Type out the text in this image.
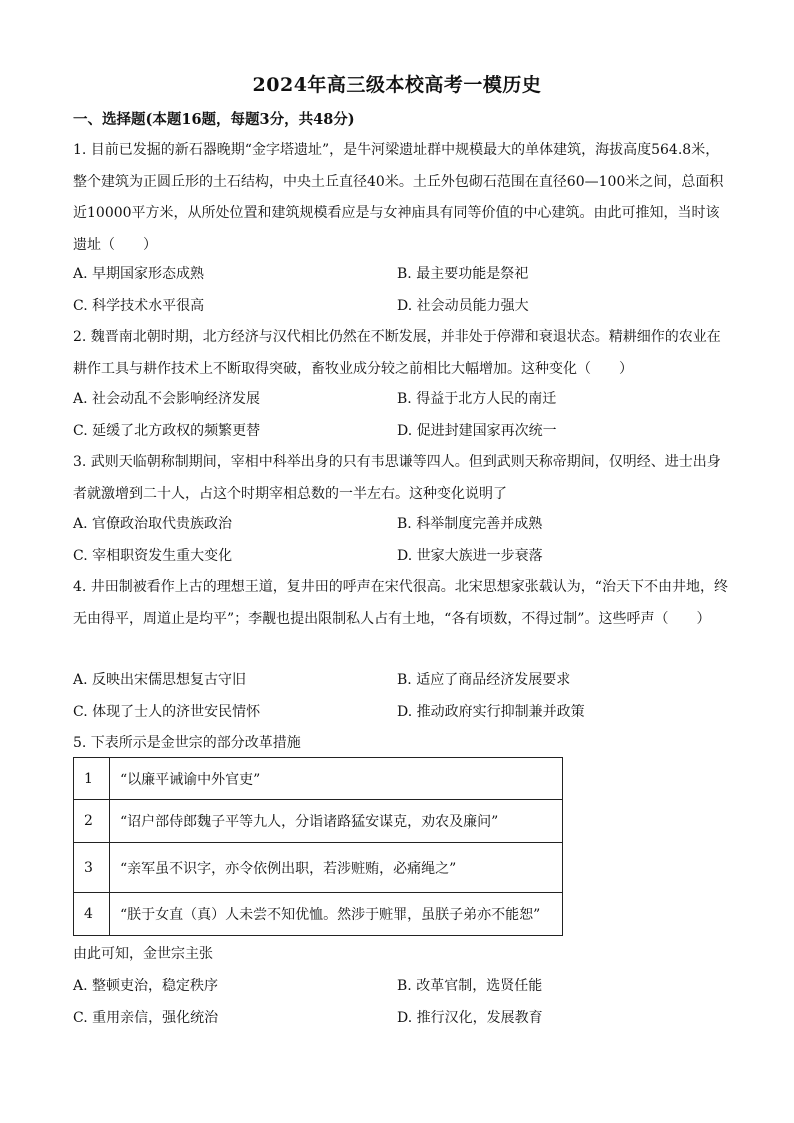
2024年高三级本校高考一模历史
一、选择题(本题16题，每题3分，共48分)
1. 目前已发掘的新石器晚期“金字塔遗址”，是牛河梁遗址群中规模最大的单体建筑，海拔高度564.8米，整个建筑为正圆丘形的土石结构，中央土丘直径40米。土丘外包砌石范围在直径60—100米之间，总面积近10000平方米，从所处位置和建筑规模看应是与女神庙具有同等价值的中心建筑。由此可推知，当时该遗址（　　）
A. 早期国家形态成熟	B. 最主要功能是祭祀
C. 科学技术水平很高	D. 社会动员能力强大
2. 魏晋南北朝时期，北方经济与汉代相比仍然在不断发展，并非处于停滞和衰退状态。精耕细作的农业在耕作工具与耕作技术上不断取得突破，畜牧业成分较之前相比大幅增加。这种变化（　　）
A. 社会动乱不会影响经济发展	B. 得益于北方人民的南迁
C. 延缓了北方政权的频繁更替	D. 促进封建国家再次统一
3. 武则天临朝称制期间，宰相中科举出身的只有韦思谦等四人。但到武则天称帝期间，仅明经、进士出身者就激增到二十人，占这个时期宰相总数的一半左右。这种变化说明了
A. 官僚政治取代贵族政治	B. 科举制度完善并成熟
C. 宰相职资发生重大变化	D. 世家大族进一步衰落
4. 井田制被看作上古的理想王道，复井田的呼声在宋代很高。北宋思想家张载认为，“治天下不由井地，终无由得平，周道止是均平”；李觏也提出限制私人占有土地，“各有顷数，不得过制”。这些呼声（　　）
A. 反映出宋儒思想复古守旧	B. 适应了商品经济发展要求
C. 体现了士人的济世安民情怀	D. 推动政府实行抑制兼并政策
5. 下表所示是金世宗的部分改革措施
1	“以廉平诫谕中外官吏”
2	“诏户部侍郎魏子平等九人，分诣诸路猛安谋克，劝农及廉问”
3	“亲军虽不识字，亦令依例出职，若涉赃贿，必痛绳之”
4	“朕于女直（真）人未尝不知优恤。然涉于赃罪，虽朕子弟亦不能恕”
由此可知，金世宗主张
A. 整顿吏治，稳定秩序	B. 改革官制，选贤任能
C. 重用亲信，强化统治	D. 推行汉化，发展教育
